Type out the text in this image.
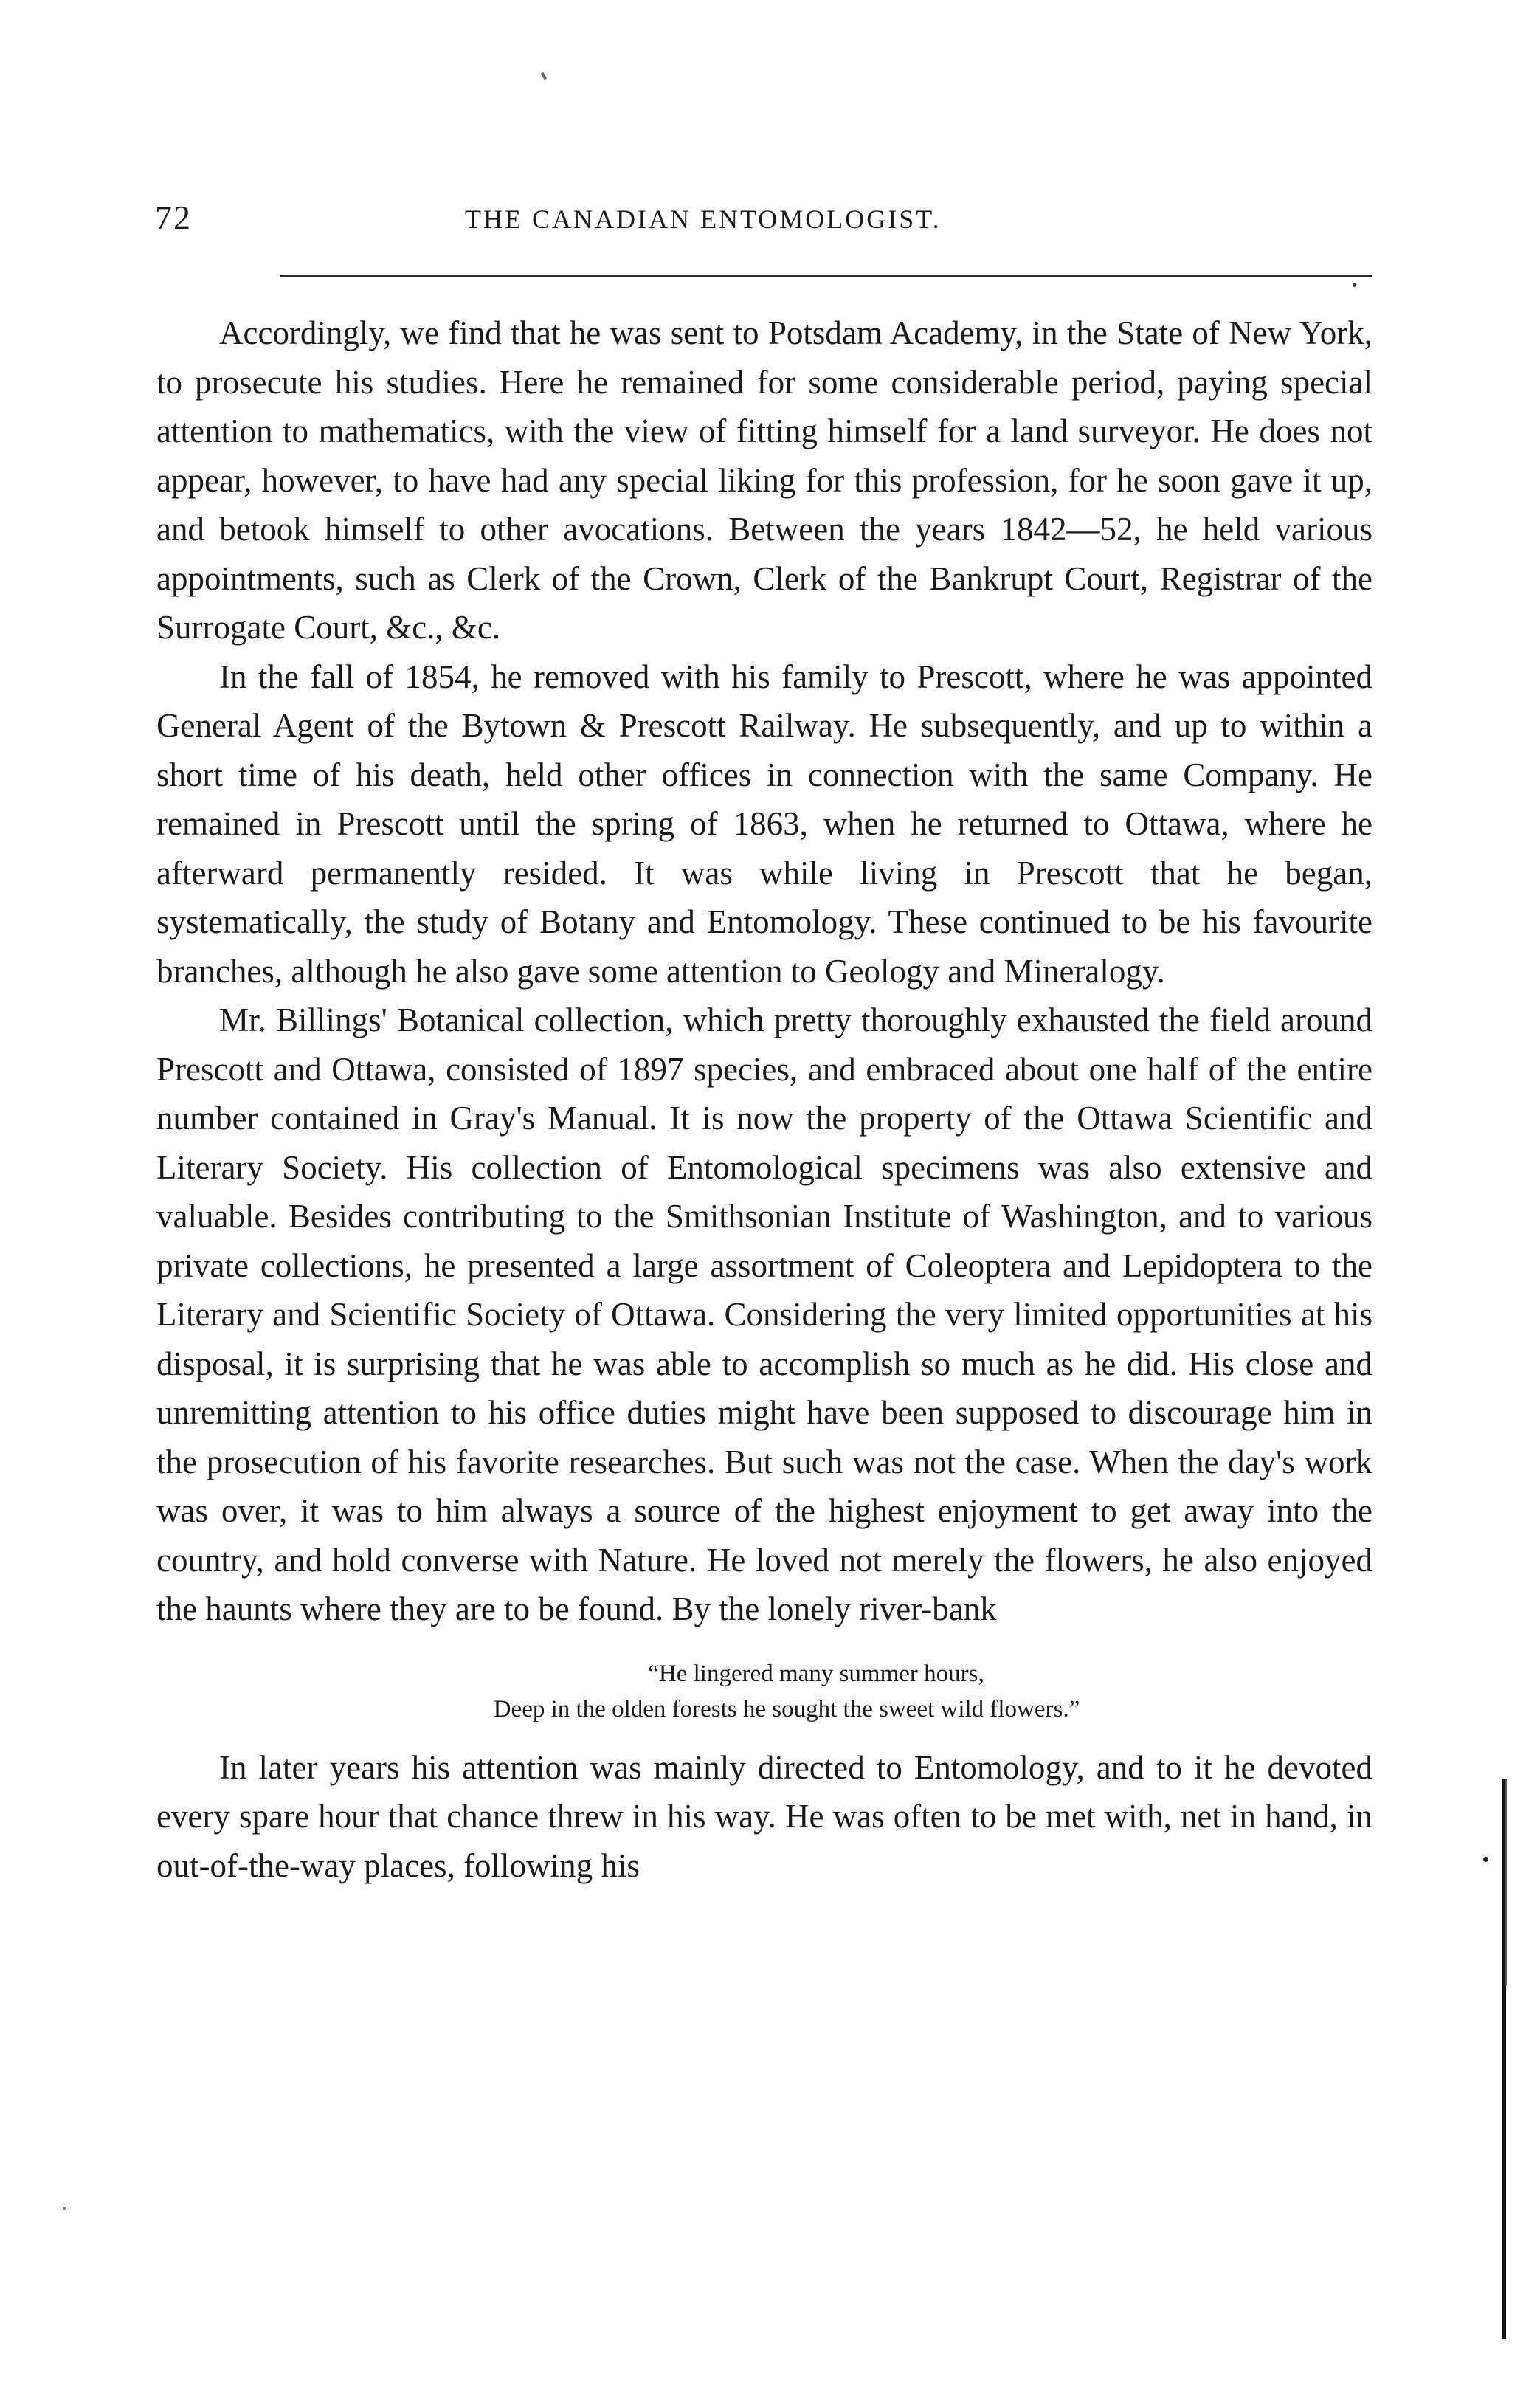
72	THE CANADIAN ENTOMOLOGIST.

Accordingly, we find that he was sent to Potsdam Academy, in the State of New York, to prosecute his studies. Here he remained for some considerable period, paying special attention to mathematics, with the view of fitting himself for a land surveyor. He does not appear, however, to have had any special liking for this profession, for he soon gave it up, and betook himself to other avocations. Between the years 1842—52, he held various appointments, such as Clerk of the Crown, Clerk of the Bankrupt Court, Registrar of the Surrogate Court, &c., &c.

In the fall of 1854, he removed with his family to Prescott, where he was appointed General Agent of the Bytown & Prescott Railway. He subsequently, and up to within a short time of his death, held other offices in connection with the same Company. He remained in Prescott until the spring of 1863, when he returned to Ottawa, where he afterward permanently resided. It was while living in Prescott that he began, systematically, the study of Botany and Entomology. These continued to be his favourite branches, although he also gave some attention to Geology and Mineralogy.

Mr. Billings' Botanical collection, which pretty thoroughly exhausted the field around Prescott and Ottawa, consisted of 1897 species, and embraced about one half of the entire number contained in Gray's Manual. It is now the property of the Ottawa Scientific and Literary Society. His collection of Entomological specimens was also extensive and valuable. Besides contributing to the Smithsonian Institute of Washington, and to various private collections, he presented a large assortment of Coleoptera and Lepidoptera to the Literary and Scientific Society of Ottawa. Considering the very limited opportunities at his disposal, it is surprising that he was able to accomplish so much as he did. His close and unremitting attention to his office duties might have been supposed to discourage him in the prosecution of his favorite researches. But such was not the case. When the day's work was over, it was to him always a source of the highest enjoyment to get away into the country, and hold converse with Nature. He loved not merely the flowers, he also enjoyed the haunts where they are to be found. By the lonely river-bank

“He lingered many summer hours,
Deep in the olden forests he sought the sweet wild flowers.”

In later years his attention was mainly directed to Entomology, and to it he devoted every spare hour that chance threw in his way. He was often to be met with, net in hand, in out-of-the-way places, following his
